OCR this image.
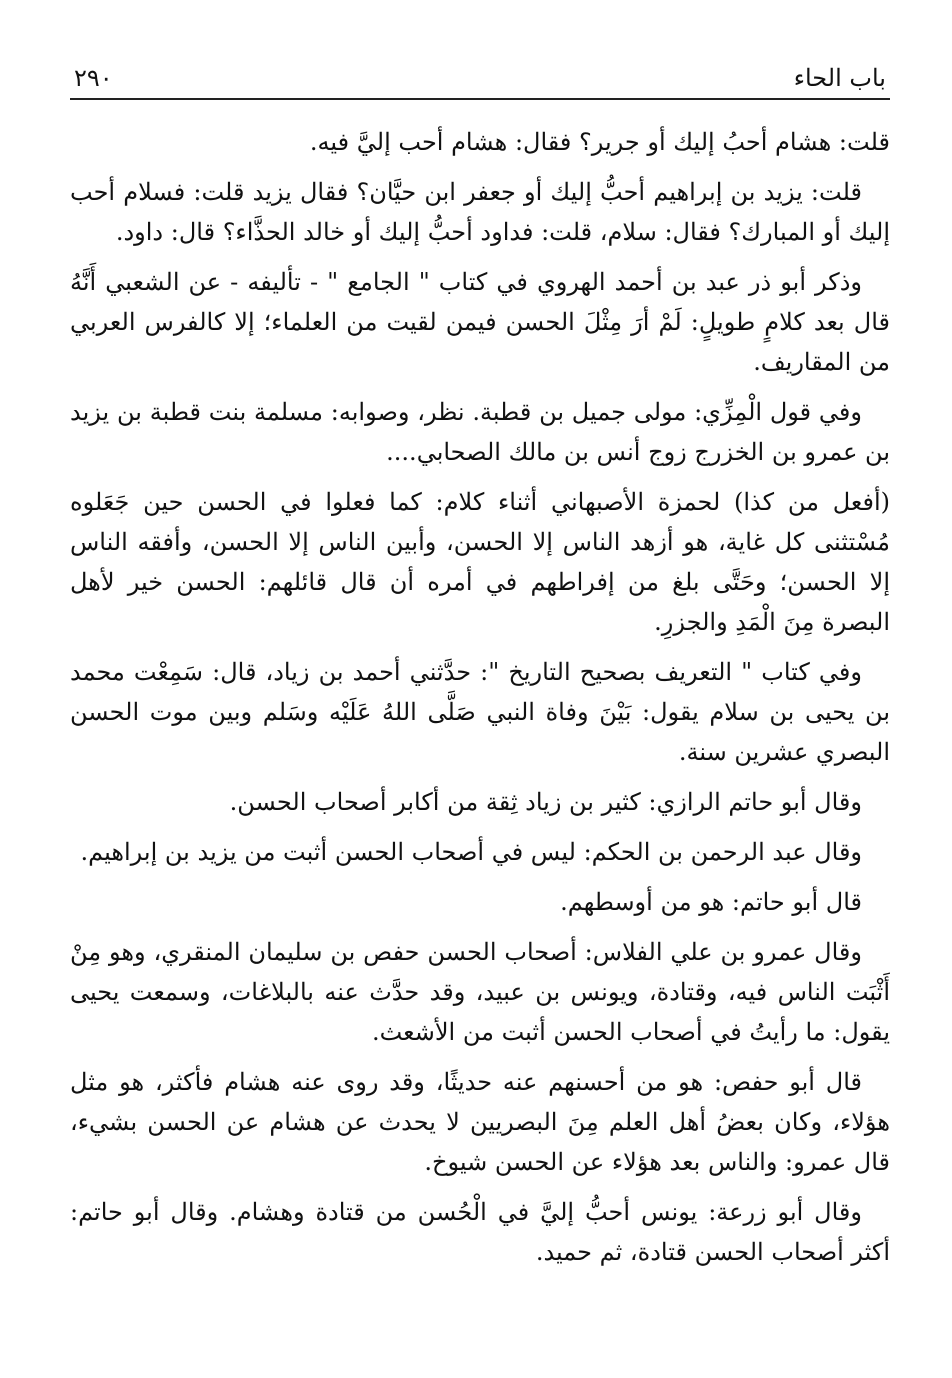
باب الحاء
٢٩٠

قلت: هشام أحبُ إليك أو جرير؟ فقال: هشام أحب إليَّ فيه.

قلت: يزيد بن إبراهيم أحبُّ إليك أو جعفر ابن حيَّان؟ فقال يزيد قلت: فسلام أحب إليك أو المبارك؟ فقال: سلام، قلت: فداود أحبُّ إليك أو خالد الحذَّاء؟ قال: داود.

وذكر أبو ذر عبد بن أحمد الهروي في كتاب " الجامع " - تأليفه - عن الشعبي أَنَّهُ قال بعد كلامٍ طويلٍ: لَمْ أرَ مِثْلَ الحسن فيمن لقيت من العلماء؛ إلا كالفرس العربي من المقاريف.

وفي قول الْمِزِّي: مولى جميل بن قطبة. نظر، وصوابه: مسلمة بنت قطبة بن يزيد بن عمرو بن الخزرج زوج أنس بن مالك الصحابي....

(أفعل من كذا) لحمزة الأصبهاني أثناء كلام: كما فعلوا في الحسن حين جَعَلوه مُسْتثنى كل غاية، هو أزهد الناس إلا الحسن، وأبين الناس إلا الحسن، وأفقه الناس إلا الحسن؛ وحَتَّى بلغ من إفراطهم في أمره أن قال قائلهم: الحسن خير لأهل البصرة مِنَ الْمَدِ والجزرِ.

وفي كتاب " التعريف بصحيح التاريخ ": حدَّثني أحمد بن زياد، قال: سَمِعْت محمد بن يحيى بن سلام يقول: بَيْنَ وفاة النبي صَلَّى اللهُ عَلَيْه وسَلم وبين موت الحسن البصري عشرين سنة.

وقال أبو حاتم الرازي: كثير بن زياد ثِقة من أكابر أصحاب الحسن.

وقال عبد الرحمن بن الحكم: ليس في أصحاب الحسن أثبت من يزيد بن إبراهيم.

قال أبو حاتم: هو من أوسطهم.

وقال عمرو بن علي الفلاس: أصحاب الحسن حفص بن سليمان المنقري، وهو مِنْ أَثْبَت الناس فيه، وقتادة، ويونس بن عبيد، وقد حدَّث عنه بالبلاغات، وسمعت يحيى يقول: ما رأيتُ في أصحاب الحسن أثبت من الأشعث.

قال أبو حفص: هو من أحسنهم عنه حديثًا، وقد روى عنه هشام فأكثر، هو مثل هؤلاء، وكان بعضُ أهل العلم مِنَ البصريين لا يحدث عن هشام عن الحسن بشيء، قال عمرو: والناس بعد هؤلاء عن الحسن شيوخ.

وقال أبو زرعة: يونس أحبُّ إليَّ في الْحُسن من قتادة وهشام. وقال أبو حاتم: أكثر أصحاب الحسن قتادة، ثم حميد.
